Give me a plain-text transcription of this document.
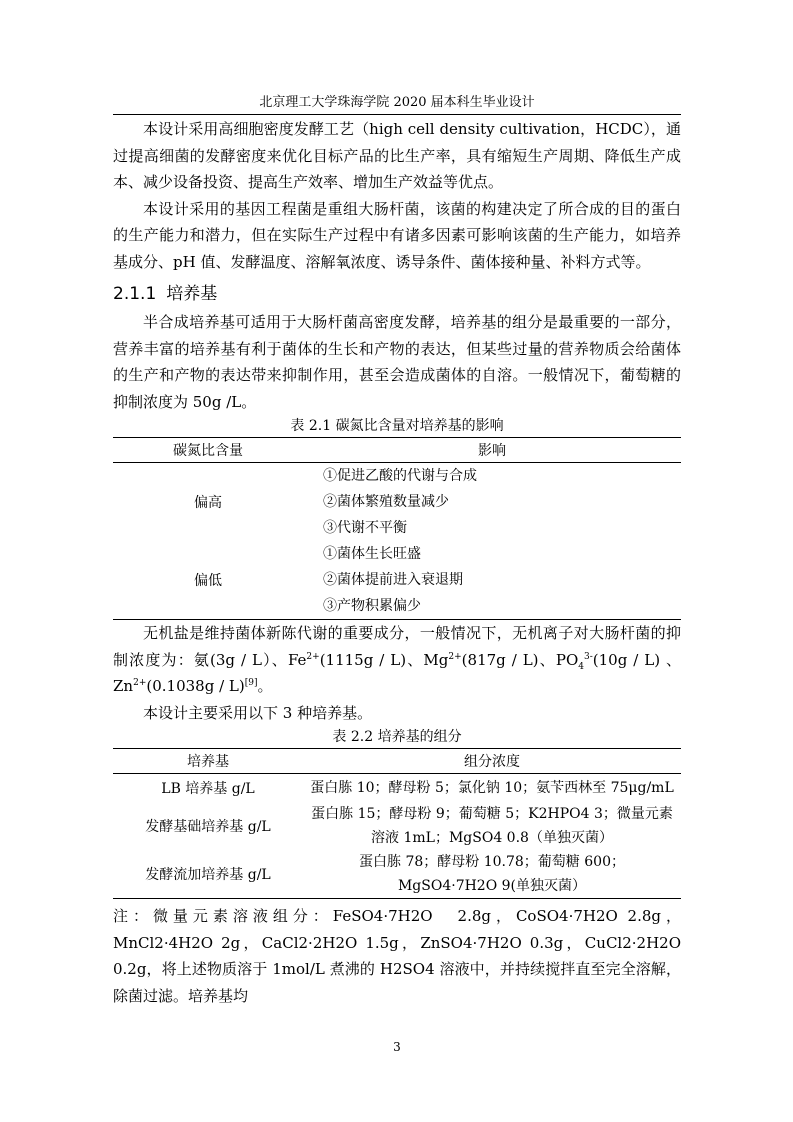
北京理工大学珠海学院 2020 届本科生毕业设计

本设计采用高细胞密度发酵工艺（high cell density cultivation，HCDC），通过提高细菌的发酵密度来优化目标产品的比生产率，具有缩短生产周期、降低生产成本、减少设备投资、提高生产效率、增加生产效益等优点。

本设计采用的基因工程菌是重组大肠杆菌，该菌的构建决定了所合成的目的蛋白的生产能力和潜力，但在实际生产过程中有诸多因素可影响该菌的生产能力，如培养基成分、pH 值、发酵温度、溶解氧浓度、诱导条件、菌体接种量、补料方式等。

2.1.1 培养基

半合成培养基可适用于大肠杆菌高密度发酵，培养基的组分是最重要的一部分，营养丰富的培养基有利于菌体的生长和产物的表达，但某些过量的营养物质会给菌体的生产和产物的表达带来抑制作用，甚至会造成菌体的自溶。一般情况下，葡萄糖的抑制浓度为 50g /L。

表 2.1 碳氮比含量对培养基的影响

碳氮比含量	影响
偏高	①促进乙酸的代谢与合成
②菌体繁殖数量减少
③代谢不平衡

偏低	①菌体生长旺盛
②菌体提前进入衰退期
③产物积累偏少

无机盐是维持菌体新陈代谢的重要成分，一般情况下，无机离子对大肠杆菌的抑制浓度为：氨(3g / L）、$Fe^{2+}(1115g / L)$、$Mg^{2+}(817g / L)$、$PO_4^{3-}(10g / L)$ 、$Zn^{2+}(0.1038g / L)[9]$。

本设计主要采用以下 3 种培养基。

表 2.2 培养基的组分

培养基	组分浓度
LB 培养基 g/L	蛋白胨 10；酵母粉 5；氯化钠 10；氨苄西林至 75μg/mL

发酵基础培养基 g/L	蛋白胨 15；酵母粉 9；葡萄糖 5；K2HPO4 3；微量元素
溶液 1mL；MgSO4 0.8（单独灭菌）

发酵流加培养基 g/L	蛋白胨 78；酵母粉 10.78；葡萄糖 600；
MgSO4·7H2O 9(单独灭菌）

注：微量元素溶液组分：FeSO4·7H2O　2.8g，CoSO4·7H2O 2.8g，MnCl2·4H2O 2g，CaCl2·2H2O 1.5g，ZnSO4·7H2O 0.3g，CuCl2·2H2O 0.2g，将上述物质溶于 1mol/L 煮沸的 H2SO4 溶液中，并持续搅拌直至完全溶解，除菌过滤。培养基均

3
